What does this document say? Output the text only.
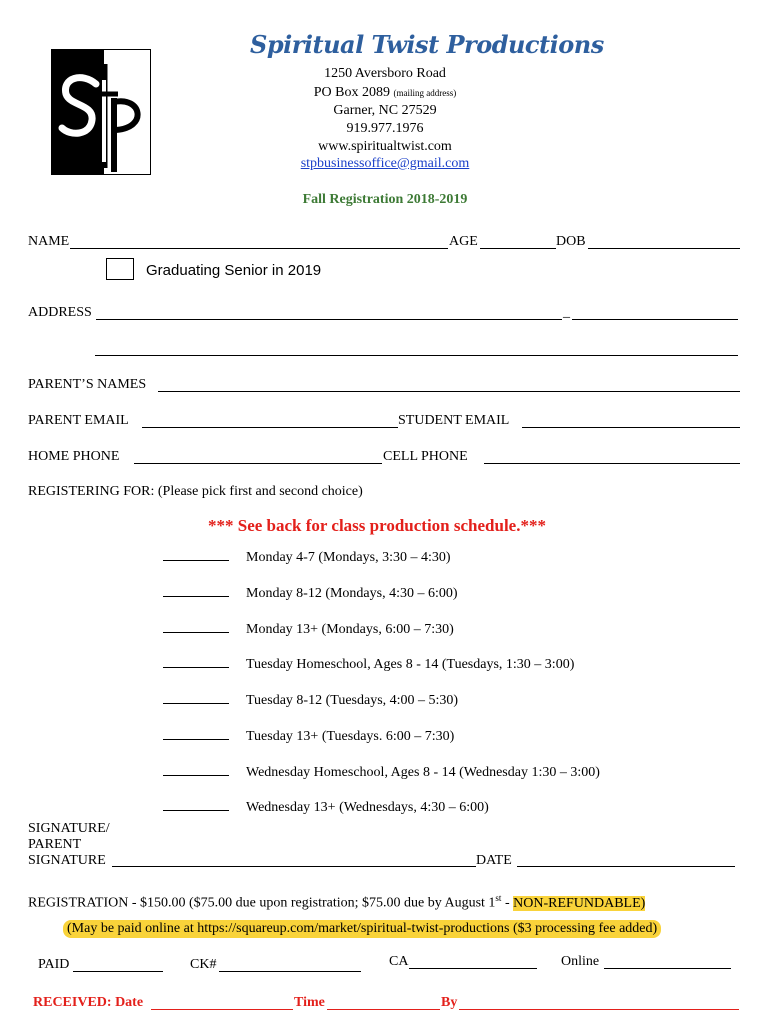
Spiritual Twist Productions
1250 Aversboro Road
PO Box 2089 (mailing address)
Garner, NC 27529
919.977.1976
www.spiritualtwist.com
stpbusinessoffice@gmail.com
Fall Registration 2018-2019
NAME	AGE	DOB
Graduating Senior in 2019
ADDRESS	_
PARENT’S NAMES
PARENT EMAIL	STUDENT EMAIL
HOME PHONE	CELL PHONE
REGISTERING FOR: (Please pick first and second choice)
*** See back for class production schedule.***
Monday 4-7 (Mondays, 3:30 – 4:30)
Monday 8-12 (Mondays, 4:30 – 6:00)
Monday 13+ (Mondays, 6:00 – 7:30)
Tuesday Homeschool, Ages 8 - 14 (Tuesdays, 1:30 – 3:00)
Tuesday 8-12 (Tuesdays, 4:00 – 5:30)
Tuesday 13+ (Tuesdays. 6:00 – 7:30)
Wednesday Homeschool, Ages 8 - 14 (Wednesday 1:30 – 3:00)
Wednesday 13+ (Wednesdays, 4:30 – 6:00)
SIGNATURE/
PARENT
SIGNATURE	DATE
REGISTRATION - $150.00 ($75.00 due upon registration; $75.00 due by August 1st - NON-REFUNDABLE)
(May be paid online at https://squareup.com/market/spiritual-twist-productions ($3 processing fee added)
PAID	CK#	CA	Online
RECEIVED: Date	Time	By
